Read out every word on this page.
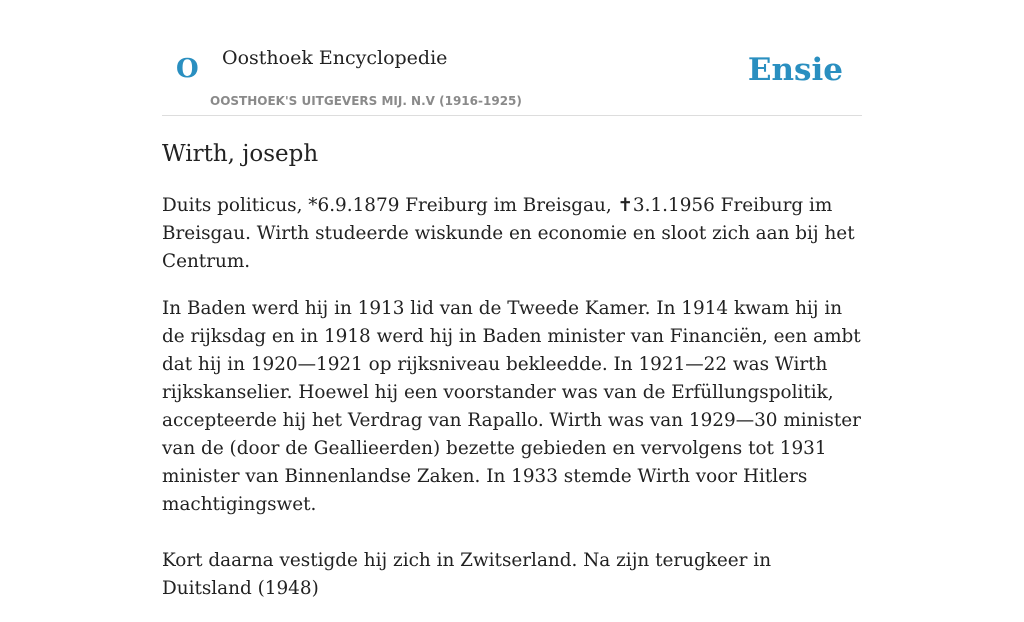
O Oosthoek Encyclopedie
OOSTHOEK'S UITGEVERS MIJ. N.V (1916-1925)
Ensie
Wirth, joseph

Duits politicus, *6.9.1879 Freiburg im Breisgau, ✝3.1.1956 Freiburg im Breisgau. Wirth studeerde wiskunde en economie en sloot zich aan bij het Centrum.

In Baden werd hij in 1913 lid van de Tweede Kamer. In 1914 kwam hij in de rijksdag en in 1918 werd hij in Baden minister van Financiën, een ambt dat hij in 1920—1921 op rijksniveau bekleedde. In 1921—22 was Wirth rijkskanselier. Hoewel hij een voorstander was van de Erfüllungspolitik, accepteerde hij het Verdrag van Rapallo. Wirth was van 1929—30 minister van de (door de Geallieerden) bezette gebieden en vervolgens tot 1931 minister van Binnenlandse Zaken. In 1933 stemde Wirth voor Hitlers machtigingswet.

Kort daarna vestigde hij zich in Zwitserland. Na zijn terugkeer in Duitsland (1948)
